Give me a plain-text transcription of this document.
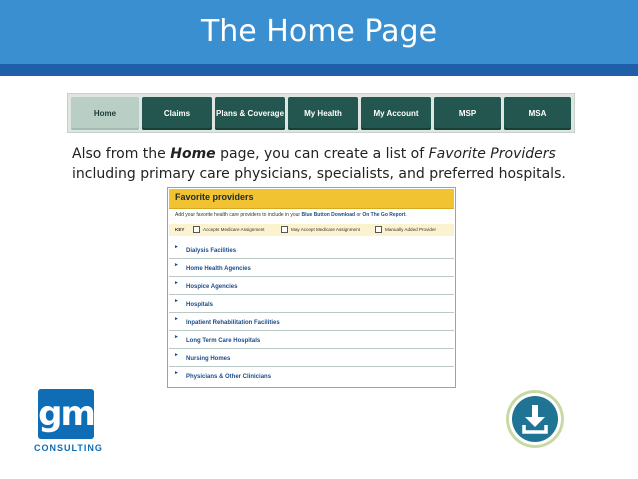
The Home Page
Home	Claims	Plans & Coverage	My Health	My Account	MSP	MSA
Also from the Home page, you can create a list of Favorite Providers including primary care physicians, specialists, and preferred hospitals.
Favorite providers
Add your favorite health care providers to include in your Blue Button Download or On The Go Report.
KEY	Accepts Medicare Assignment	May Accept Medicare Assignment	Manually Added Provider
►
Dialysis Facilities
►
Home Health Agencies
►
Hospice Agencies
►
Hospitals
►
Inpatient Rehabilitation Facilities
►
Long Term Care Hospitals
►
Nursing Homes
►
Physicians & Other Clinicians
gm
CONSULTING
